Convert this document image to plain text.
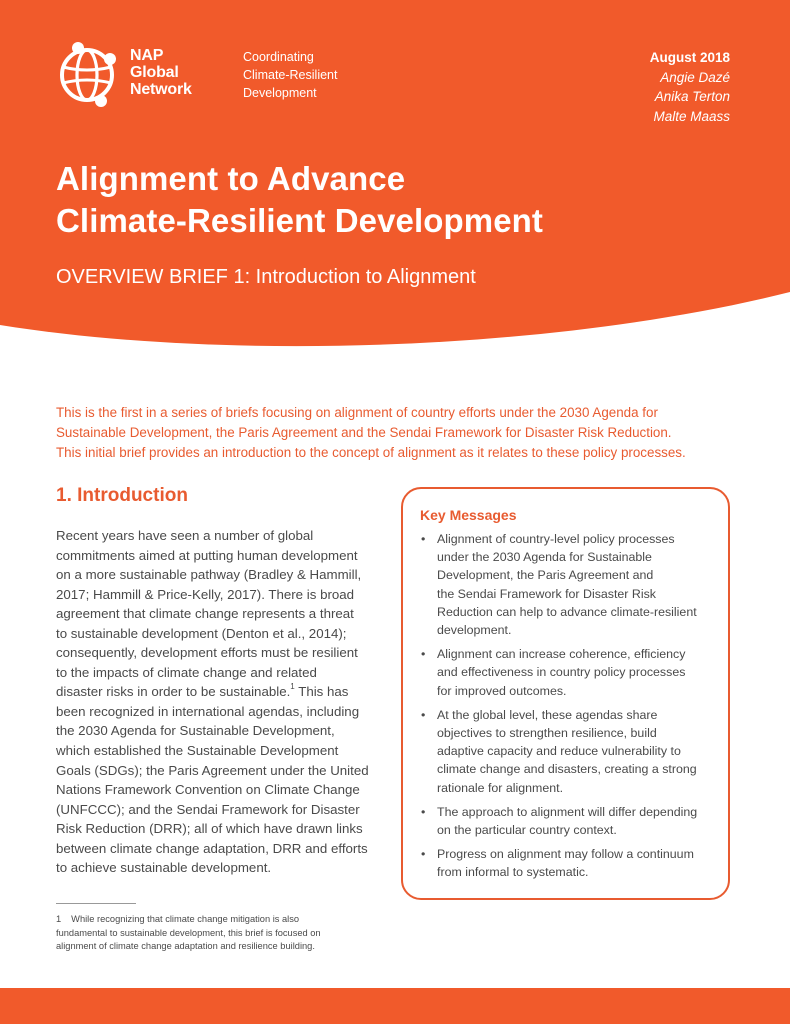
NAP
Global
Network
Coordinating
Climate-Resilient
Development
August 2018
Angie Dazé
Anika Terton
Malte Maass
Alignment to Advance
Climate-Resilient Development
OVERVIEW BRIEF 1: Introduction to Alignment
This is the first in a series of briefs focusing on alignment of country efforts under the 2030 Agenda for
Sustainable Development, the Paris Agreement and the Sendai Framework for Disaster Risk Reduction.
This initial brief provides an introduction to the concept of alignment as it relates to these policy processes.
1. Introduction
Recent years have seen a number of global
commitments aimed at putting human development
on a more sustainable pathway (Bradley & Hammill,
2017; Hammill & Price-Kelly, 2017). There is broad
agreement that climate change represents a threat
to sustainable development (Denton et al., 2014);
consequently, development efforts must be resilient
to the impacts of climate change and related
disaster risks in order to be sustainable.$^1$ This has
been recognized in international agendas, including
the 2030 Agenda for Sustainable Development,
which established the Sustainable Development
Goals (SDGs); the Paris Agreement under the United
Nations Framework Convention on Climate Change
(UNFCCC); and the Sendai Framework for Disaster
Risk Reduction (DRR); all of which have drawn links
between climate change adaptation, DRR and efforts
to achieve sustainable development.
1 While recognizing that climate change mitigation is also
fundamental to sustainable development, this brief is focused on
alignment of climate change adaptation and resilience building.
Key Messages
• Alignment of country-level policy processes
under the 2030 Agenda for Sustainable
Development, the Paris Agreement and
the Sendai Framework for Disaster Risk
Reduction can help to advance climate-resilient
development.
• Alignment can increase coherence, efficiency
and effectiveness in country policy processes
for improved outcomes.
• At the global level, these agendas share
objectives to strengthen resilience, build
adaptive capacity and reduce vulnerability to
climate change and disasters, creating a strong
rationale for alignment.
• The approach to alignment will differ depending
on the particular country context.
• Progress on alignment may follow a continuum
from informal to systematic.
